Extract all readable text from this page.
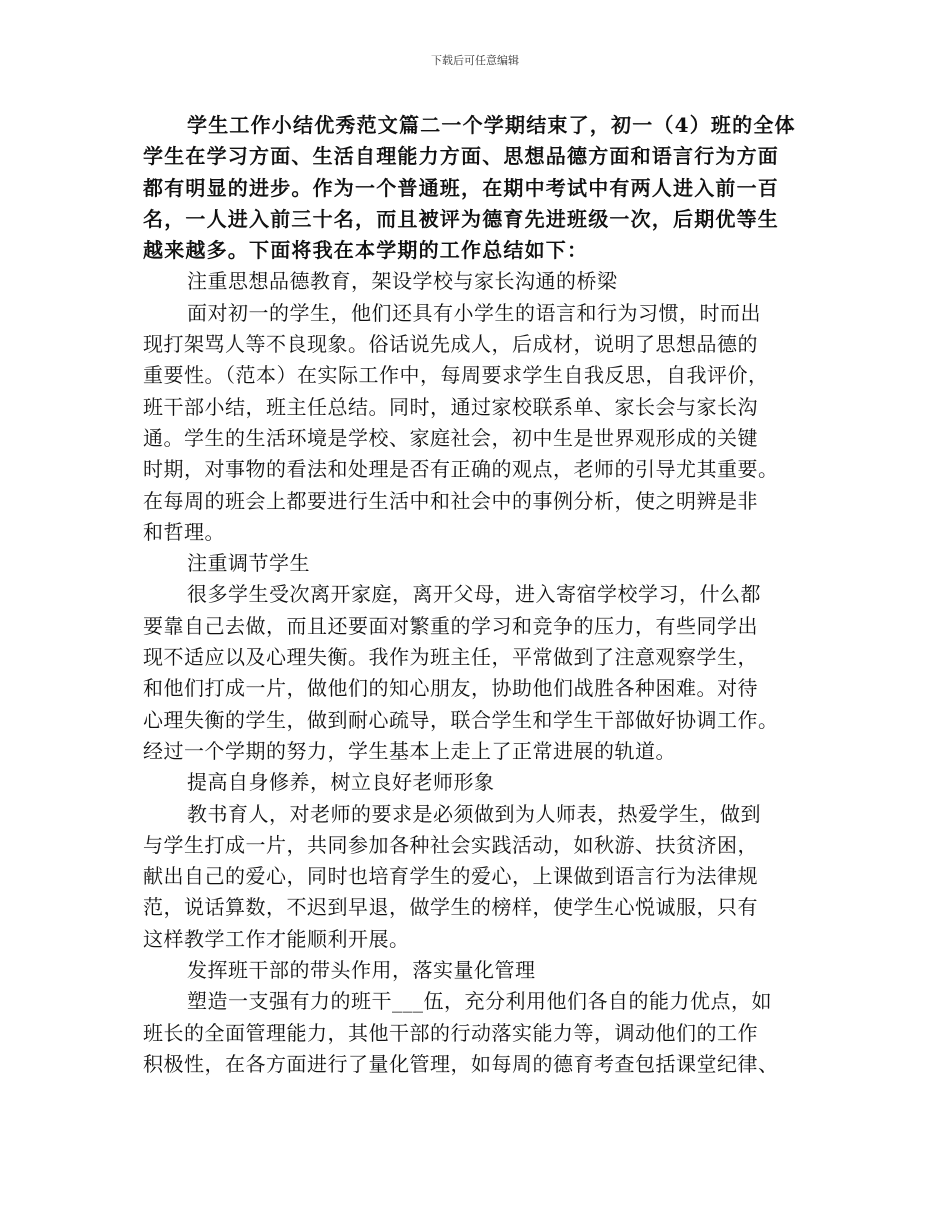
下载后可任意编辑
学生工作小结优秀范文篇二一个学期结束了，初一（4）班的全体
学生在学习方面、生活自理能力方面、思想品德方面和语言行为方面
都有明显的进步。作为一个普通班，在期中考试中有两人进入前一百
名，一人进入前三十名，而且被评为德育先进班级一次，后期优等生
越来越多。下面将我在本学期的工作总结如下：
注重思想品德教育，架设学校与家长沟通的桥梁
面对初一的学生，他们还具有小学生的语言和行为习惯，时而出
现打架骂人等不良现象。俗话说先成人，后成材，说明了思想品德的
重要性。（范本）在实际工作中，每周要求学生自我反思，自我评价，
班干部小结，班主任总结。同时，通过家校联系单、家长会与家长沟
通。学生的生活环境是学校、家庭社会，初中生是世界观形成的关键
时期，对事物的看法和处理是否有正确的观点，老师的引导尤其重要。
在每周的班会上都要进行生活中和社会中的事例分析，使之明辨是非
和哲理。
注重调节学生
很多学生受次离开家庭，离开父母，进入寄宿学校学习，什么都
要靠自己去做，而且还要面对繁重的学习和竞争的压力，有些同学出
现不适应以及心理失衡。我作为班主任，平常做到了注意观察学生，
和他们打成一片，做他们的知心朋友，协助他们战胜各种困难。对待
心理失衡的学生，做到耐心疏导，联合学生和学生干部做好协调工作。
经过一个学期的努力，学生基本上走上了正常进展的轨道。
提高自身修养，树立良好老师形象
教书育人，对老师的要求是必须做到为人师表，热爱学生，做到
与学生打成一片，共同参加各种社会实践活动，如秋游、扶贫济困，
献出自己的爱心，同时也培育学生的爱心，上课做到语言行为法律规
范，说话算数，不迟到早退，做学生的榜样，使学生心悦诚服，只有
这样教学工作才能顺利开展。
发挥班干部的带头作用，落实量化管理
塑造一支强有力的班干___伍，充分利用他们各自的能力优点，如
班长的全面管理能力，其他干部的行动落实能力等，调动他们的工作
积极性，在各方面进行了量化管理，如每周的德育考查包括课堂纪律、
